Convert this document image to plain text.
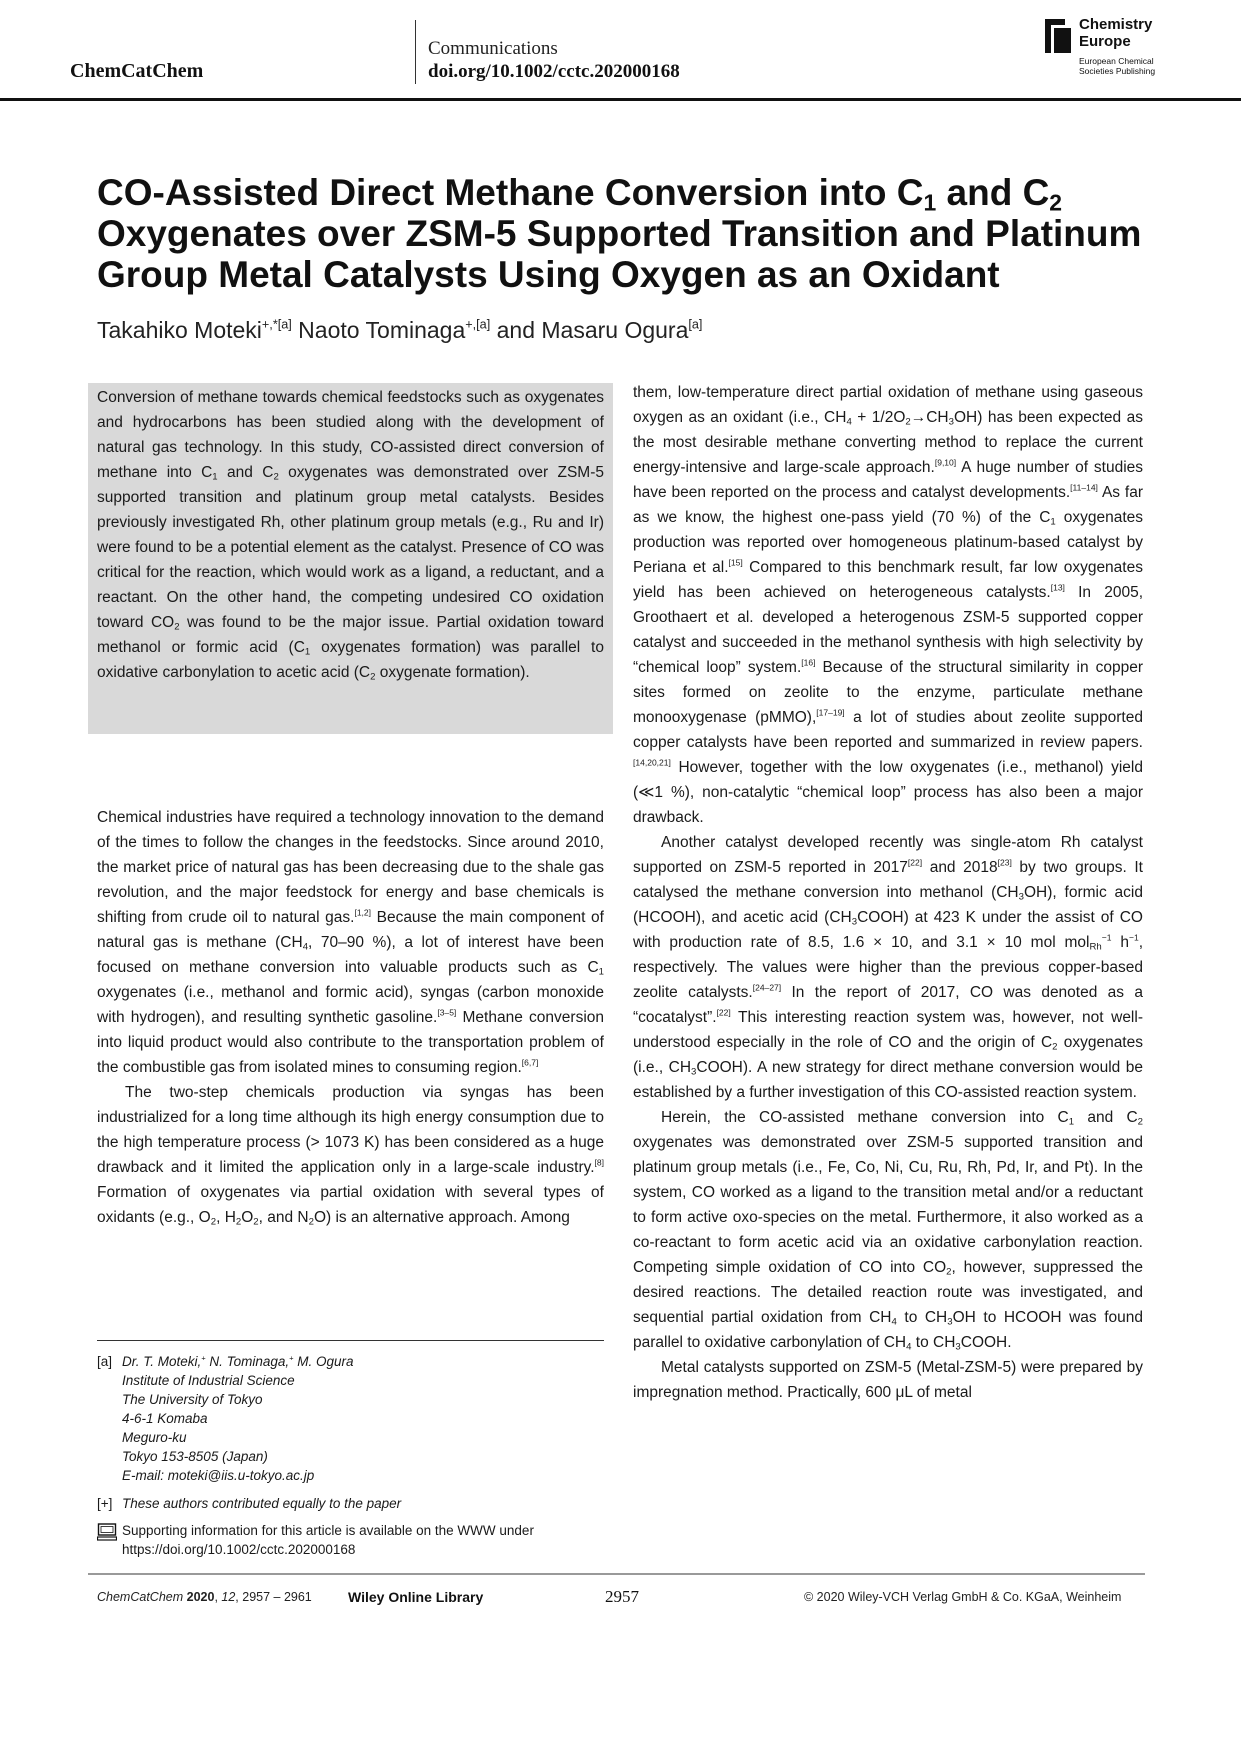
ChemCatChem
Communications
doi.org/10.1002/cctc.202000168
Chemistry
Europe
European Chemical
Societies Publishing
CO-Assisted Direct Methane Conversion into $C_1$ and $C_2$ Oxygenates over ZSM-5 Supported Transition and Platinum Group Metal Catalysts Using Oxygen as an Oxidant
Takahiko Moteki$^{+,*[a]}$ Naoto Tominaga$^{+,[a]}$ and Masaru Ogura[a]

Conversion of methane towards chemical feedstocks such as oxygenates and hydrocarbons has been studied along with the development of natural gas technology. In this study, CO-assisted direct conversion of methane into $C_1$ and $C_2$ oxygenates was demonstrated over ZSM-5 supported transition and platinum group metal catalysts. Besides previously investigated Rh, other platinum group metals (e.g., Ru and Ir) were found to be a potential element as the catalyst. Presence of CO was critical for the reaction, which would work as a ligand, a reductant, and a reactant. On the other hand, the competing undesired CO oxidation toward $CO_2$ was found to be the major issue. Partial oxidation toward methanol or formic acid ($C_1$ oxygenates formation) was parallel to oxidative carbonylation to acetic acid ($C_2$ oxygenate formation).

Chemical industries have required a technology innovation to the demand of the times to follow the changes in the feedstocks. Since around 2010, the market price of natural gas has been decreasing due to the shale gas revolution, and the major feedstock for energy and base chemicals is shifting from crude oil to natural gas.[1,2] Because the main component of natural gas is methane ($CH_4$, 70–90 %), a lot of interest have been focused on methane conversion into valuable products such as $C_1$ oxygenates (i.e., methanol and formic acid), syngas (carbon monoxide with hydrogen), and resulting synthetic gasoline.[3–5] Methane conversion into liquid product would also contribute to the transportation problem of the combustible gas from isolated mines to consuming region.[6,7]

The two-step chemicals production via syngas has been industrialized for a long time although its high energy consumption due to the high temperature process (> 1073 K) has been considered as a huge drawback and it limited the application only in a large-scale industry.[8] Formation of oxygenates via partial oxidation with several types of oxidants (e.g., $O_2$, $H_2O_2$, and $N_2O$) is an alternative approach. Among

[a] Dr. T. Moteki,+ N. Tominaga,+ M. Ogura
Institute of Industrial Science
The University of Tokyo
4-6-1 Komaba
Meguro-ku
Tokyo 153-8505 (Japan)
E-mail: moteki@iis.u-tokyo.ac.jp
[+] These authors contributed equally to the paper
Supporting information for this article is available on the WWW under https://doi.org/10.1002/cctc.202000168

them, low-temperature direct partial oxidation of methane using gaseous oxygen as an oxidant (i.e., $CH_4 + 1/2O_2\to CH_3OH$) has been expected as the most desirable methane converting method to replace the current energy-intensive and large-scale approach.[9,10] A huge number of studies have been reported on the process and catalyst developments.[11–14] As far as we know, the highest one-pass yield (70 %) of the $C_1$ oxygenates production was reported over homogeneous platinum-based catalyst by Periana et al.[15] Compared to this benchmark result, far low oxygenates yield has been achieved on heterogeneous catalysts.[13] In 2005, Groothaert et al. developed a heterogenous ZSM-5 supported copper catalyst and succeeded in the methanol synthesis with high selectivity by “chemical loop” system.[16] Because of the structural similarity in copper sites formed on zeolite to the enzyme, particulate methane monooxygenase (pMMO),[17–19] a lot of studies about zeolite supported copper catalysts have been reported and summarized in review papers.[14,20,21] However, together with the low oxygenates (i.e., methanol) yield (≪1 %), non-catalytic “chemical loop” process has also been a major drawback.

Another catalyst developed recently was single-atom Rh catalyst supported on ZSM-5 reported in 2017[22] and 2018[23] by two groups. It catalysed the methane conversion into methanol $(CH_3OH)$, formic acid (HCOOH), and acetic acid $(CH_3COOH)$ at 423 K under the assist of CO with production rate of 8.5, 1.6 × 10, and 3.1 × 10 mol mol$_{Rh}^{-1}$ $h^{-1}$, respectively. The values were higher than the previous copper-based zeolite catalysts.[24–27] In the report of 2017, CO was denoted as a “cocatalyst”.[22] This interesting reaction system was, however, not well-understood especially in the role of CO and the origin of $C_2$ oxygenates (i.e., $CH_3COOH$). A new strategy for direct methane conversion would be established by a further investigation of this CO-assisted reaction system.

Herein, the CO-assisted methane conversion into $C_1$ and $C_2$ oxygenates was demonstrated over ZSM-5 supported transition and platinum group metals (i.e., Fe, Co, Ni, Cu, Ru, Rh, Pd, Ir, and Pt). In the system, CO worked as a ligand to the transition metal and/or a reductant to form active oxo-species on the metal. Furthermore, it also worked as a co-reactant to form acetic acid via an oxidative carbonylation reaction. Competing simple oxidation of CO into $CO_2$, however, suppressed the desired reactions. The detailed reaction route was investigated, and sequential partial oxidation from $CH_4$ to $CH_3OH$ to HCOOH was found parallel to oxidative carbonylation of $CH_4$ to $CH_3COOH$.

Metal catalysts supported on ZSM-5 (Metal-ZSM-5) were prepared by impregnation method. Practically, 600 μL of metal

ChemCatChem 2020, 12, 2957 – 2961	Wiley Online Library	2957	© 2020 Wiley-VCH Verlag GmbH & Co. KGaA, Weinheim
